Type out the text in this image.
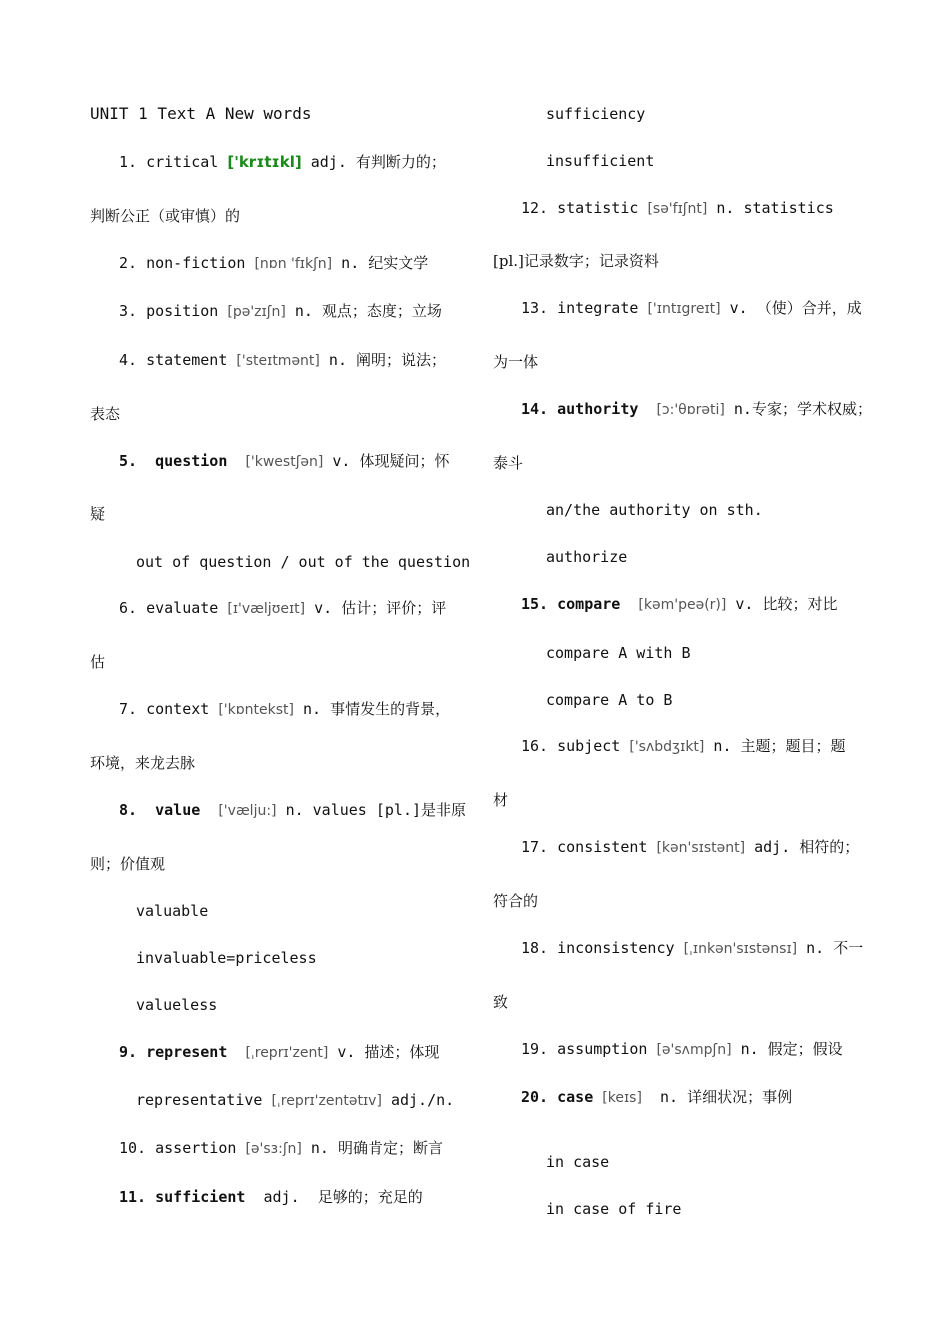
UNIT 1 Text A New words
1. critical ['krɪtɪkl] adj. 有判断力的；
判断公正（或审慎）的
2. non-fiction [nɒn 'fɪkʃn] n. 纪实文学
3. position [pə'zɪʃn] n. 观点；态度；立场
4. statement ['steɪtmənt] n. 阐明；说法；
表态
5. question ['kwestʃən] v. 体现疑问；怀
疑
out of question / out of the question
6. evaluate [ɪ'væljʊeɪt] v. 估计；评价；评
估
7. context ['kɒntekst] n. 事情发生的背景，
环境，来龙去脉
8. value ['vælju:] n. values [pl.]是非原
则；价值观
valuable
invaluable=priceless
valueless
9. represent [ˌreprɪ'zent] v. 描述；体现
representative [ˌreprɪ'zentətɪv] adj./n.
10. assertion [ə'sɜ:ʃn] n. 明确肯定；断言
11. sufficient adj. 足够的；充足的
sufficiency
insufficient
12. statistic [sə'fɪʃnt] n. statistics
[pl.]记录数字；记录资料
13. integrate ['ɪntɪgreɪt] v. （使）合并，成
为一体
14. authority [ɔ:'θɒrəti] n.专家；学术权威；
泰斗
an/the authority on sth.
authorize
15. compare [kəm'peə(r)] v. 比较；对比
compare A with B
compare A to B
16. subject ['sʌbdʒɪkt] n. 主题；题目；题
材
17. consistent [kən'sɪstənt] adj. 相符的；
符合的
18. inconsistency [ˌɪnkən'sɪstənsɪ] n. 不一
致
19. assumption [ə'sʌmpʃn] n. 假定；假设
20. case [keɪs] n. 详细状况；事例
in case
in case of fire
